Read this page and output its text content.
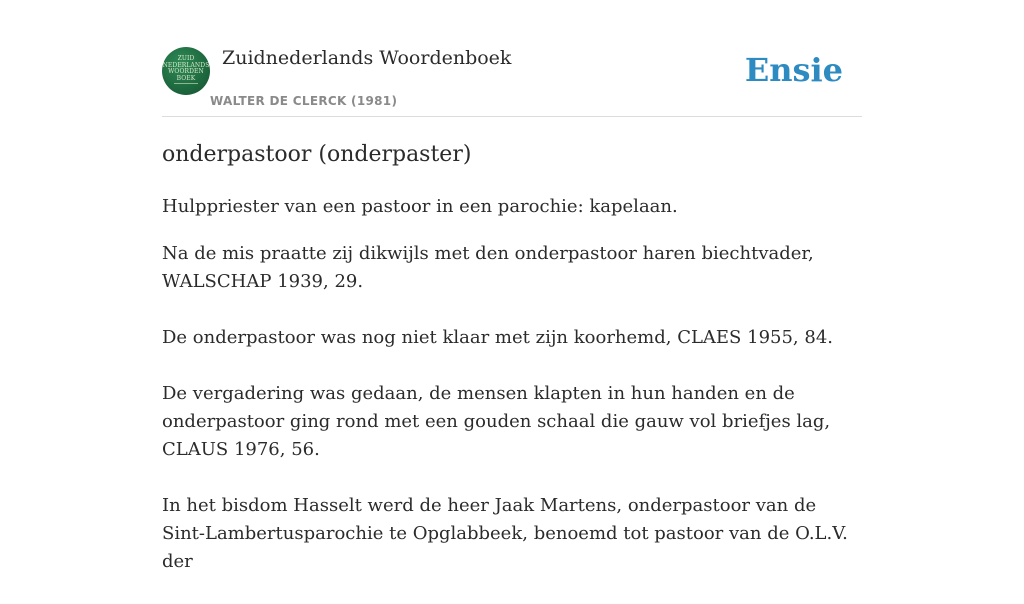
ZUID
NEDERLANDS
WOORDEN
BOEK
Zuidnederlands Woordenboek
WALTER DE CLERCK (1981)
Ensie
onderpastoor (onderpaster)

Hulppriester van een pastoor in een parochie: kapelaan.

Na de mis praatte zij dikwijls met den onderpastoor haren biechtvader, WALSCHAP 1939, 29.
De onderpastoor was nog niet klaar met zijn koorhemd, CLAES 1955, 84.
De vergadering was gedaan, de mensen klapten in hun handen en de onderpastoor ging rond met een gouden schaal die gauw vol briefjes lag, CLAUS 1976, 56.
In het bisdom Hasselt werd de heer Jaak Martens, onderpastoor van de Sint-Lambertusparochie te Opglabbeek, benoemd tot pastoor van de O.L.V. der
